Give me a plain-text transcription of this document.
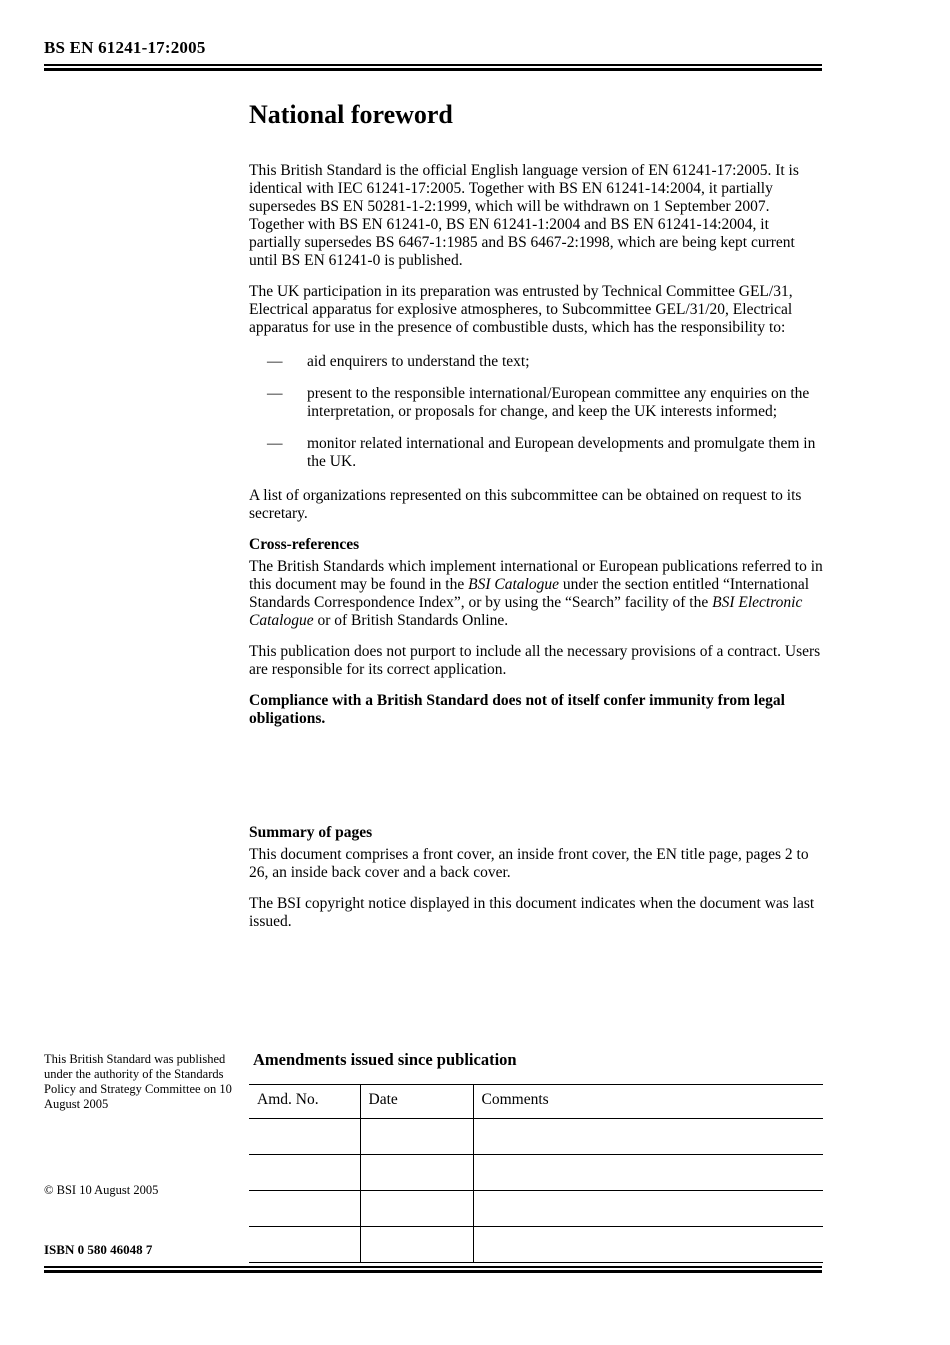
BS EN 61241-17:2005
National foreword

This British Standard is the official English language version of EN 61241-17:2005. It is identical with IEC 61241-17:2005. Together with BS EN 61241-14:2004, it partially supersedes BS EN 50281-1-2:1999, which will be withdrawn on 1 September 2007. Together with BS EN 61241-0, BS EN 61241-1:2004 and BS EN 61241-14:2004, it partially supersedes BS 6467-1:1985 and BS 6467-2:1998, which are being kept current until BS EN 61241-0 is published.

The UK participation in its preparation was entrusted by Technical Committee GEL/31, Electrical apparatus for explosive atmospheres, to Subcommittee GEL/31/20, Electrical apparatus for use in the presence of combustible dusts, which has the responsibility to:

—	aid enquirers to understand the text;
—	present to the responsible international/European committee any enquiries on the interpretation, or proposals for change, and keep the UK interests informed;
—	monitor related international and European developments and promulgate them in the UK.

A list of organizations represented on this subcommittee can be obtained on request to its secretary.

Cross-references

The British Standards which implement international or European publications referred to in this document may be found in the BSI Catalogue under the section entitled “International Standards Correspondence Index”, or by using the “Search” facility of the BSI Electronic Catalogue or of British Standards Online.

This publication does not purport to include all the necessary provisions of a contract. Users are responsible for its correct application.

Compliance with a British Standard does not of itself confer immunity from legal obligations.

Summary of pages

This document comprises a front cover, an inside front cover, the EN title page, pages 2 to 26, an inside back cover and a back cover.

The BSI copyright notice displayed in this document indicates when the document was last issued.

This British Standard was published under the authority of the Standards Policy and Strategy Committee on 10 August 2005
© BSI 10 August 2005
ISBN 0 580 46048 7
Amendments issued since publication
Amd. No.	Date	Comments
